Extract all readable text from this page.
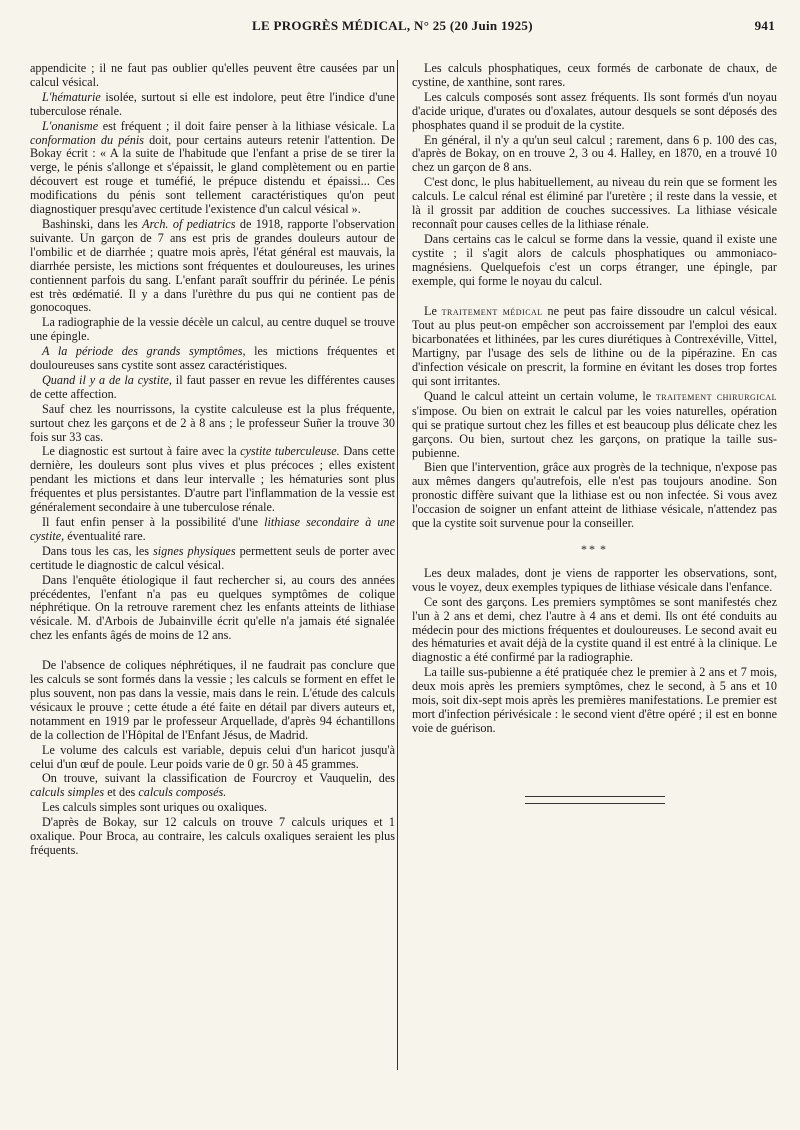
LE PROGRÈS MÉDICAL, N° 25 (20 Juin 1925)	941

appendicite ; il ne faut pas oublier qu'elles peuvent être causées par un calcul vésical.

L'hématurie isolée, surtout si elle est indolore, peut être l'indice d'une tuberculose rénale.

L'onanisme est fréquent ; il doit faire penser à la lithiase vésicale. La conformation du pénis doit, pour certains auteurs retenir l'attention. De Bokay écrit : « A la suite de l'habitude que l'enfant a prise de se tirer la verge, le pénis s'allonge et s'épaissit, le gland complètement ou en partie découvert est rouge et tuméfié, le prépuce distendu et épaissi... Ces modifications du pénis sont tellement caractéristiques qu'on peut diagnostiquer presqu'avec certitude l'existence d'un calcul vésical ».

Bashinski, dans les Arch. of pediatrics de 1918, rapporte l'observation suivante. Un garçon de 7 ans est pris de grandes douleurs autour de l'ombilic et de diarrhée ; quatre mois après, l'état général est mauvais, la diarrhée persiste, les mictions sont fréquentes et douloureuses, les urines contiennent parfois du sang. L'enfant paraît souffrir du périnée. Le pénis est très œdématié. Il y a dans l'urèthre du pus qui ne contient pas de gonocoques.

La radiographie de la vessie décèle un calcul, au centre duquel se trouve une épingle.

A la période des grands symptômes, les mictions fréquentes et douloureuses sans cystite sont assez caractéristiques.

Quand il y a de la cystite, il faut passer en revue les différentes causes de cette affection.

Sauf chez les nourrissons, la cystite calculeuse est la plus fréquente, surtout chez les garçons et de 2 à 8 ans ; le professeur Suñer la trouve 30 fois sur 33 cas.

Le diagnostic est surtout à faire avec la cystite tuberculeuse. Dans cette dernière, les douleurs sont plus vives et plus précoces ; elles existent pendant les mictions et dans leur intervalle ; les hématuries sont plus fréquentes et plus persistantes. D'autre part l'inflammation de la vessie est généralement secondaire à une tuberculose rénale.

Il faut enfin penser à la possibilité d'une lithiase secondaire à une cystite, éventualité rare.

Dans tous les cas, les signes physiques permettent seuls de porter avec certitude le diagnostic de calcul vésical.

Dans l'enquête étiologique il faut rechercher si, au cours des années précédentes, l'enfant n'a pas eu quelques symptômes de colique néphrétique. On la retrouve rarement chez les enfants atteints de lithiase vésicale. M. d'Arbois de Jubainville écrit qu'elle n'a jamais été signalée chez les enfants âgés de moins de 12 ans.

De l'absence de coliques néphrétiques, il ne faudrait pas conclure que les calculs se sont formés dans la vessie ; les calculs se forment en effet le plus souvent, non pas dans la vessie, mais dans le rein. L'étude des calculs vésicaux le prouve ; cette étude a été faite en détail par divers auteurs et, notamment en 1919 par le professeur Arquellade, d'après 94 échantillons de la collection de l'Hôpital de l'Enfant Jésus, de Madrid.

Le volume des calculs est variable, depuis celui d'un haricot jusqu'à celui d'un œuf de poule. Leur poids varie de 0 gr. 50 à 45 grammes.

On trouve, suivant la classification de Fourcroy et Vauquelin, des calculs simples et des calculs composés.

Les calculs simples sont uriques ou oxaliques.

D'après de Bokay, sur 12 calculs on trouve 7 calculs uriques et 1 oxalique. Pour Broca, au contraire, les calculs oxaliques seraient les plus fréquents.

Les calculs phosphatiques, ceux formés de carbonate de chaux, de cystine, de xanthine, sont rares.

Les calculs composés sont assez fréquents. Ils sont formés d'un noyau d'acide urique, d'urates ou d'oxalates, autour desquels se sont déposés des phosphates quand il se produit de la cystite.

En général, il n'y a qu'un seul calcul ; rarement, dans 6 p. 100 des cas, d'après de Bokay, on en trouve 2, 3 ou 4. Halley, en 1870, en a trouvé 10 chez un garçon de 8 ans.

C'est donc, le plus habituellement, au niveau du rein que se forment les calculs. Le calcul rénal est éliminé par l'uretère ; il reste dans la vessie, et là il grossit par addition de couches successives. La lithiase vésicale reconnaît pour causes celles de la lithiase rénale.

Dans certains cas le calcul se forme dans la vessie, quand il existe une cystite ; il s'agit alors de calculs phosphatiques ou ammoniaco-magnésiens. Quelquefois c'est un corps étranger, une épingle, par exemple, qui forme le noyau du calcul.

Le traitement médical ne peut pas faire dissoudre un calcul vésical. Tout au plus peut-on empêcher son accroissement par l'emploi des eaux bicarbonatées et lithinées, par les cures diurétiques à Contrexéville, Vittel, Martigny, par l'usage des sels de lithine ou de la pipérazine. En cas d'infection vésicale on prescrit, la formine en évitant les doses trop fortes qui sont irritantes.

Quand le calcul atteint un certain volume, le traitement chirurgical s'impose. Ou bien on extrait le calcul par les voies naturelles, opération qui se pratique surtout chez les filles et est beaucoup plus délicate chez les garçons. Ou bien, surtout chez les garçons, on pratique la taille sus-pubienne.

Bien que l'intervention, grâce aux progrès de la technique, n'expose pas aux mêmes dangers qu'autrefois, elle n'est pas toujours anodine. Son pronostic diffère suivant que la lithiase est ou non infectée. Si vous avez l'occasion de soigner un enfant atteint de lithiase vésicale, n'attendez pas que la cystite soit survenue pour la conseiller.

** *

Les deux malades, dont je viens de rapporter les observations, sont, vous le voyez, deux exemples typiques de lithiase vésicale dans l'enfance.

Ce sont des garçons. Les premiers symptômes se sont manifestés chez l'un à 2 ans et demi, chez l'autre à 4 ans et demi. Ils ont été conduits au médecin pour des mictions fréquentes et douloureuses. Le second avait eu des hématuries et avait déjà de la cystite quand il est entré à la clinique. Le diagnostic a été confirmé par la radiographie.

La taille sus-pubienne a été pratiquée chez le premier à 2 ans et 7 mois, deux mois après les premiers symptômes, chez le second, à 5 ans et 10 mois, soit dix-sept mois après les premières manifestations. Le premier est mort d'infection périvésicale : le second vient d'être opéré ; il est en bonne voie de guérison.
